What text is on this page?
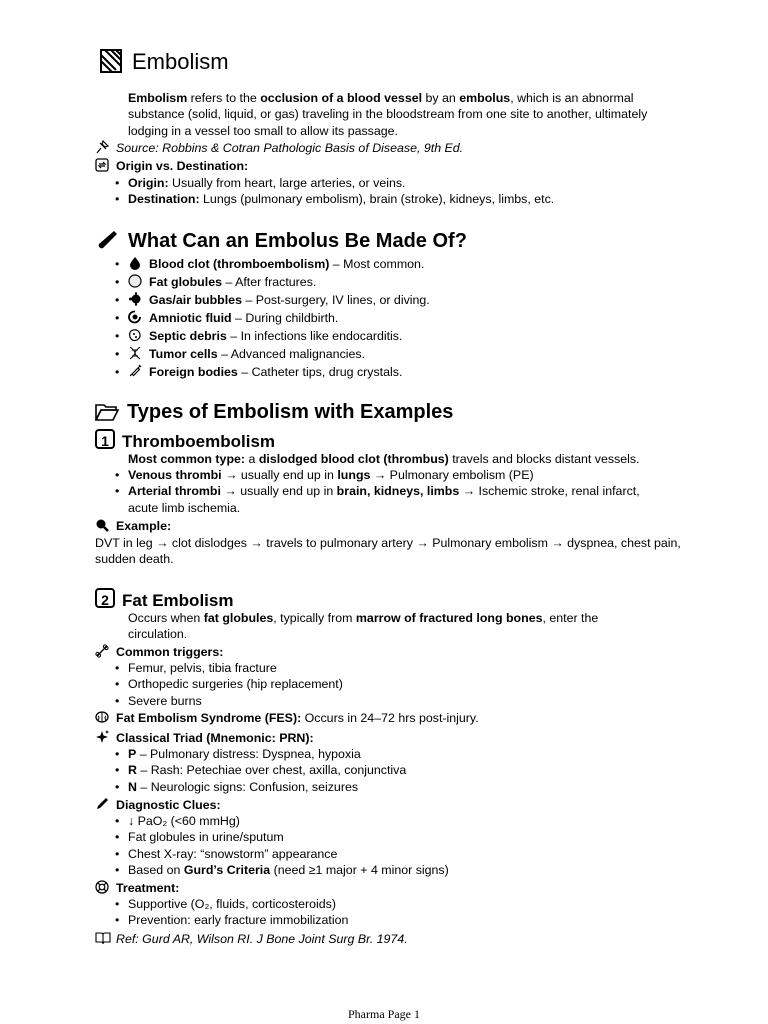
Embolism
Embolism refers to the occlusion of a blood vessel by an embolus, which is an abnormal substance (solid, liquid, or gas) traveling in the bloodstream from one site to another, ultimately lodging in a vessel too small to allow its passage.
Source: Robbins & Cotran Pathologic Basis of Disease, 9th Ed.
Origin vs. Destination:
• Origin: Usually from heart, large arteries, or veins.
• Destination: Lungs (pulmonary embolism), brain (stroke), kidneys, limbs, etc.
What Can an Embolus Be Made Of?
• Blood clot (thromboembolism) – Most common.
• Fat globules – After fractures.
• Gas/air bubbles – Post-surgery, IV lines, or diving.
• Amniotic fluid – During childbirth.
• Septic debris – In infections like endocarditis.
• Tumor cells – Advanced malignancies.
• Foreign bodies – Catheter tips, drug crystals.
Types of Embolism with Examples
1 Thromboembolism
Most common type: a dislodged blood clot (thrombus) travels and blocks distant vessels.
• Venous thrombi → usually end up in lungs → Pulmonary embolism (PE)
• Arterial thrombi → usually end up in brain, kidneys, limbs → Ischemic stroke, renal infarct, acute limb ischemia.
Example:
DVT in leg → clot dislodges → travels to pulmonary artery → Pulmonary embolism → dyspnea, chest pain, sudden death.
2 Fat Embolism
Occurs when fat globules, typically from marrow of fractured long bones, enter the circulation.
Common triggers:
• Femur, pelvis, tibia fracture
• Orthopedic surgeries (hip replacement)
• Severe burns
Fat Embolism Syndrome (FES): Occurs in 24–72 hrs post-injury.
Classical Triad (Mnemonic: PRN):
• P – Pulmonary distress: Dyspnea, hypoxia
• R – Rash: Petechiae over chest, axilla, conjunctiva
• N – Neurologic signs: Confusion, seizures
Diagnostic Clues:
• ↓ PaO₂ (<60 mmHg)
• Fat globules in urine/sputum
• Chest X-ray: “snowstorm” appearance
• Based on Gurd’s Criteria (need ≥1 major + 4 minor signs)
Treatment:
• Supportive (O₂, fluids, corticosteroids)
• Prevention: early fracture immobilization
Ref: Gurd AR, Wilson RI. J Bone Joint Surg Br. 1974.
Pharma Page 1
